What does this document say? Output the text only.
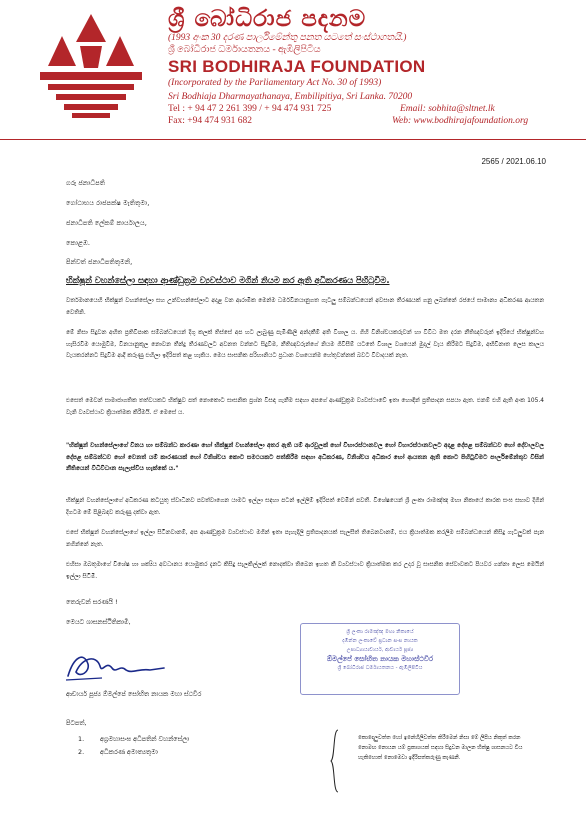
ශ්‍රී බෝධිරාජ පදනම
(1993 අංක 30 දරණ පාර්ලිමේන්තු පනත යටතේ සංස්ථාගතයි.)
ශ්‍රී බෝධිරාජ ධර්මායතනය - ඇඹිලිපිටිය
SRI BODHIRAJA FOUNDATION
(Incorporated by the Parliamentary Act No. 30 of 1993)
Sri Bodhiaja Dharmayathanaya, Embilipitiya, Sri Lanka. 70200
Tel : + 94 47 2 261 399 / + 94 474 931 725	Email: sobhita@sltnet.lk
Fax: +94 474 931 682	Web: www.bodhirajafoundation.org
2565 / 2021.06.10
ගරු ජනාධිපති
ගෝඨාභය රාජපක්ෂ මැතිතුමා,
ජනාධිපති ලේකම් කාර්යාලය,
කොළඹ.
පින්වත් ජනාධිපතිතුමනි,
භික්ෂූන් වහන්සේලා සඳහා ආණ්ඩුක්‍රම ව්‍යවස්ථාව මගින් නියම කර ඇති අධිකරණය පිහිටුවීම.
වර්තමානයෙහි භික්ෂූන් වහන්සේලා සහ උන්වහන්සේලාට අදාළ වන ආරාමික මෙන්ම ධර්මවිනයානුගත ගැටලු සම්බන්ධයෙන් අවසාන තීරණයක් ගනු ලබන්නේ රජයේ සාමාන්‍ය අධිකරණ ආයතන වෙතිනි.
මේ නිසා සිදුවන අහිත ප්‍රතිවිපාක සම්බන්ධයෙන් දිගු කලක් තිස්සේ අප හට ලැබුණු පැමිණිලි අන්දකීම් අති විශාල ය. ගිහි විනිශ්චයකරුවන් හා විවිධ මත දරන නීතිඥවරුන් ඉදිරියේ භික්ෂූන්වහ හැසිරවීම යොමුවීම, විනයානුකූල නොවන තීන්දු තීරණවලට අවනත වන්නට සිදුවීම, නීතිඥවරුන්ගේ නියම ගිවිසීම් යටතේ විශාල වශයෙන් මුදල් වැය කිරීමට සිදුවීම, අභිචිනාත ලෙස කාලය වැයකරන්නට සිදුවීම ආදී කරුණු එහිලා ඉදිරිපත් කළ හැකිය. මෙය සාසනික පරිහානියට ප්‍රධාන වශයෙන්ම හේතුවන්නක් බවට විවාදයක් නැත.
එසෙත් මෙවන් සාමාජාගතික තත්වයකට භික්ෂුව පත් නොකොට සාසනික ප්‍රශ්න විසඳා ගැනීම සඳහා අපගේ ආණ්ඩුක්‍රම ව්‍යවස්ථාවේ ඉතා හොඳින් ප්‍රතිපාදන සපයා ඇත. එනම් එහි ඇති අංක 105.4 වැනි ව්‍යවස්ථාව ක්‍රියාත්මක කිරීමයි. ඒ මෙසේ ය.
"භික්ෂූන් වහන්සේලාගේ විනය හා සම්බන්ධ කාරණා හෝ භික්ෂූන් වහන්සේලා අතර ඇති යම් ආරවුලක් හෝ විහාරස්ථානවල හෝ විහාරස්ථානවලට අදාළ දේපළ සම්බන්ධව හෝ දේවාලවල දේපළ සම්බන්ධව හෝ වෙනත් යම් කාරණයක් හෝ විනිශ්චය කොට සමථයකට පත්කිරීම සඳහා අධිකරණ, විනිශ්චය අධිකාර හෝ ආයතන ඇති කොට පිහිටුවීමට පාර්ලිමේන්තුව විසින් නීතියෙන් විධිවිධාන සැලැස්විය හැක්කේ ය."
භික්ෂූන් වහන්සේලාගේ අධිකරණ කටයුතු ස්වාධීනව පවත්වාගෙන යාමට ඉල්ලා සඳහා පටන් ඉල්ලීම් ඉදිරිපත් වෙමින් පවතී. විශේෂයෙන් ශ්‍රී ලංකා රාමඤ්ඤ මහා නිකායේ කාරක සංඝ සභාව දිගින් දිගටම මේ පිළිබඳව කරුණු දක්වා ඇත.
එසේ භික්ෂූන් වහන්සේලාගේ ඉල්ලා සිටිනවානම්, අප ආණ්ඩුක්‍රම ව්‍යවස්ථාව මගින් ඉතා පැහැදිලි ප්‍රතිපාදනයක් සැලසීත් තිබෙනවානම්, එය ක්‍රියාත්මක කරලීම සම්බන්ධයෙන් කිසිදු ගැටලුවක් පැන නගින්නේ නැත.
එහිසා ඔබතුමාගේ විශේෂ හා ශක්‍යිය අවධානය යොමුකර දැනට කිසිදු සැලකිල්ලක් නොදක්වා තිබෙන ඉහත කී ව්‍යවස්ථාව ක්‍රියාත්මක කර උදාර වූ සාසනික සේවාවකට පියවර ගන්නා ලෙස මෙයින් ඉල්ලා සිටිමි.
තෙරුවන් සරණයි !
මෙයට ශාසනස්ථිතිකාමී,
ආචාර්ය පූජ්‍ය ඕමල්පේ සෝභිත නායක මහා ස්ථවිර
ශ්‍රී ලංකා රාමඤ්ඤ මහා නිකායේ
දඹින්න ලංකාවේ ප්‍රධාන සංඝ නායක
උපාධ්‍යායාචාර්ය, ආචාර්ය පූජ්‍ය
ඕමල්පේ සෝභිත නායක මහාස්ථවිර
ශ්‍රී බෝධිරාජ ධර්මායතනය - ඇඹිලිපිටිය
පිටපත්,
1. අග්‍රමහාසංඝ අධිපතින් වහන්සේලා
2. අධිකරණ අමාත්‍යතුමා
කොදොලුවත්ත හෝ ඉනේහිලිවත්ත කිරීමෙන් නිසා මේ ලිපිය නිකුත් කරන නොමඟ නොයන යම් ප්‍රකාශයක් සඳහා සිදුවන මාලන භික්ෂු ශාසනයට විය හැකිහොත් නොමෙවා ඉදිරිපත්කරුණු කැණනී.
